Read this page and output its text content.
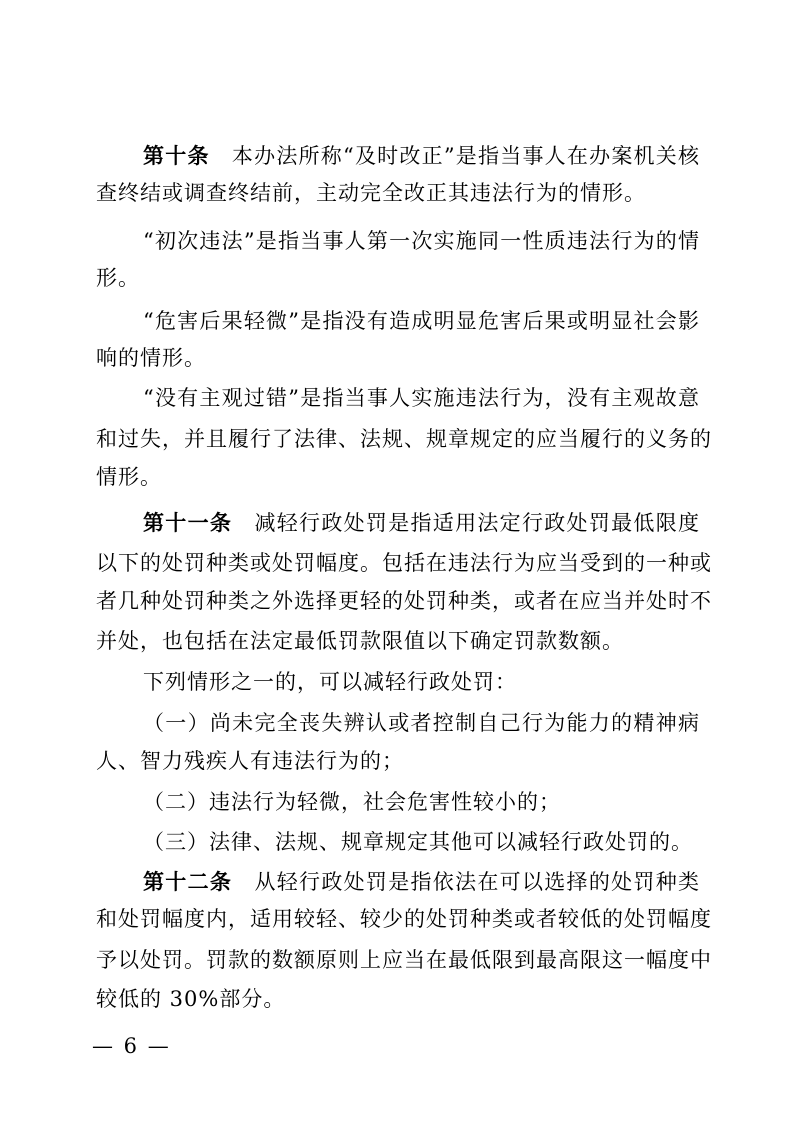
第十条 本办法所称“及时改正”是指当事人在办案机关核
查终结或调查终结前，主动完全改正其违法行为的情形。
“初次违法”是指当事人第一次实施同一性质违法行为的情
形。
“危害后果轻微”是指没有造成明显危害后果或明显社会影
响的情形。
“没有主观过错”是指当事人实施违法行为，没有主观故意
和过失，并且履行了法律、法规、规章规定的应当履行的义务的
情形。
第十一条 减轻行政处罚是指适用法定行政处罚最低限度
以下的处罚种类或处罚幅度。包括在违法行为应当受到的一种或
者几种处罚种类之外选择更轻的处罚种类，或者在应当并处时不
并处，也包括在法定最低罚款限值以下确定罚款数额。
下列情形之一的，可以减轻行政处罚：
（一）尚未完全丧失辨认或者控制自己行为能力的精神病
人、智力残疾人有违法行为的；
（二）违法行为轻微，社会危害性较小的；
（三）法律、法规、规章规定其他可以减轻行政处罚的。
第十二条 从轻行政处罚是指依法在可以选择的处罚种类
和处罚幅度内，适用较轻、较少的处罚种类或者较低的处罚幅度
予以处罚。罚款的数额原则上应当在最低限到最高限这一幅度中
较低的 30%部分。
— 6 —
